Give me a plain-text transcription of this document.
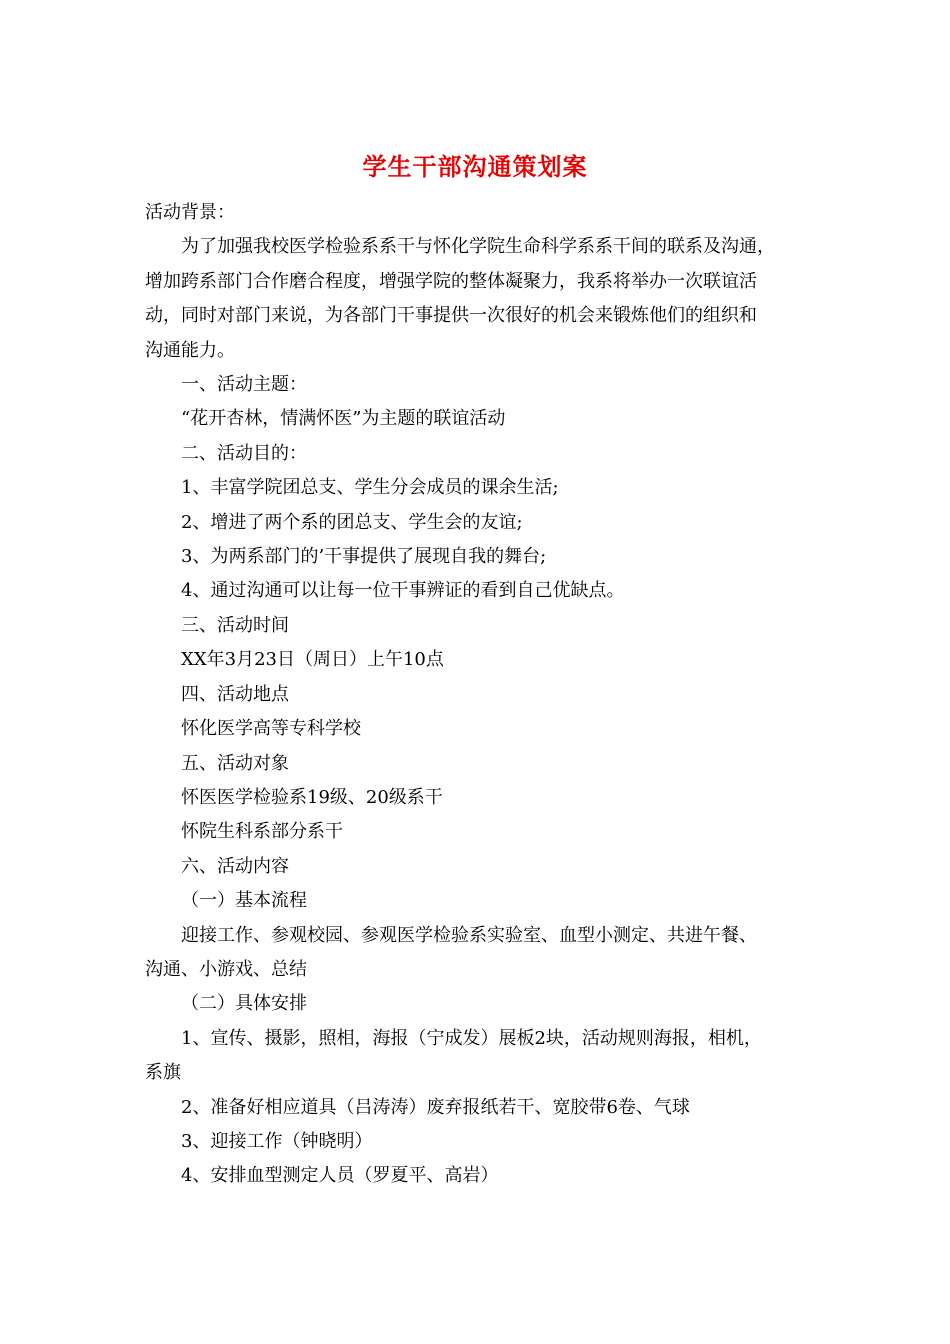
学生干部沟通策划案

活动背景：

为了加强我校医学检验系系干与怀化学院生命科学系系干间的联系及沟通，

增加跨系部门合作磨合程度，增强学院的整体凝聚力，我系将举办一次联谊活

动，同时对部门来说，为各部门干事提供一次很好的机会来锻炼他们的组织和

沟通能力。

一、活动主题：

“花开杏林，情满怀医”为主题的联谊活动

二、活动目的：

1、丰富学院团总支、学生分会成员的课余生活;

2、增进了两个系的团总支、学生会的友谊;

3、为两系部门的’干事提供了展现自我的舞台;

4、通过沟通可以让每一位干事辨证的看到自己优缺点。

三、活动时间

XX年3月23日（周日）上午10点

四、活动地点

怀化医学高等专科学校

五、活动对象

怀医医学检验系19级、20级系干

怀院生科系部分系干

六、活动内容

（一）基本流程

迎接工作、参观校园、参观医学检验系实验室、血型小测定、共进午餐、

沟通、小游戏、总结

（二）具体安排

1、宣传、摄影，照相，海报（宁成发）展板2块，活动规则海报，相机，

系旗

2、准备好相应道具（吕涛涛）废弃报纸若干、宽胶带6卷、气球

3、迎接工作（钟晓明）

4、安排血型测定人员（罗夏平、高岩）
